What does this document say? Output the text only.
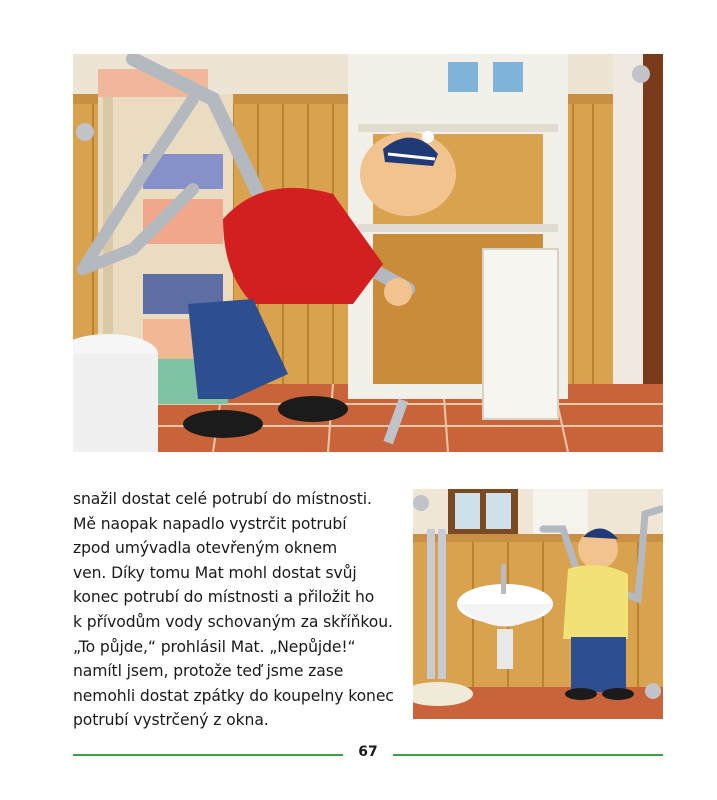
snažil dostat celé potrubí do místnosti.
Mě naopak napadlo vystrčit potrubí
zpod umývadla otevřeným oknem
ven. Díky tomu Mat mohl dostat svůj
konec potrubí do místnosti a přiložit ho
k přívodům vody schovaným za skříňkou.
„To půjde,“ prohlásil Mat. „Nepůjde!“
namítl jsem, protože teď jsme zase
nemohli dostat zpátky do koupelny konec
potrubí vystrčený z okna.
67
